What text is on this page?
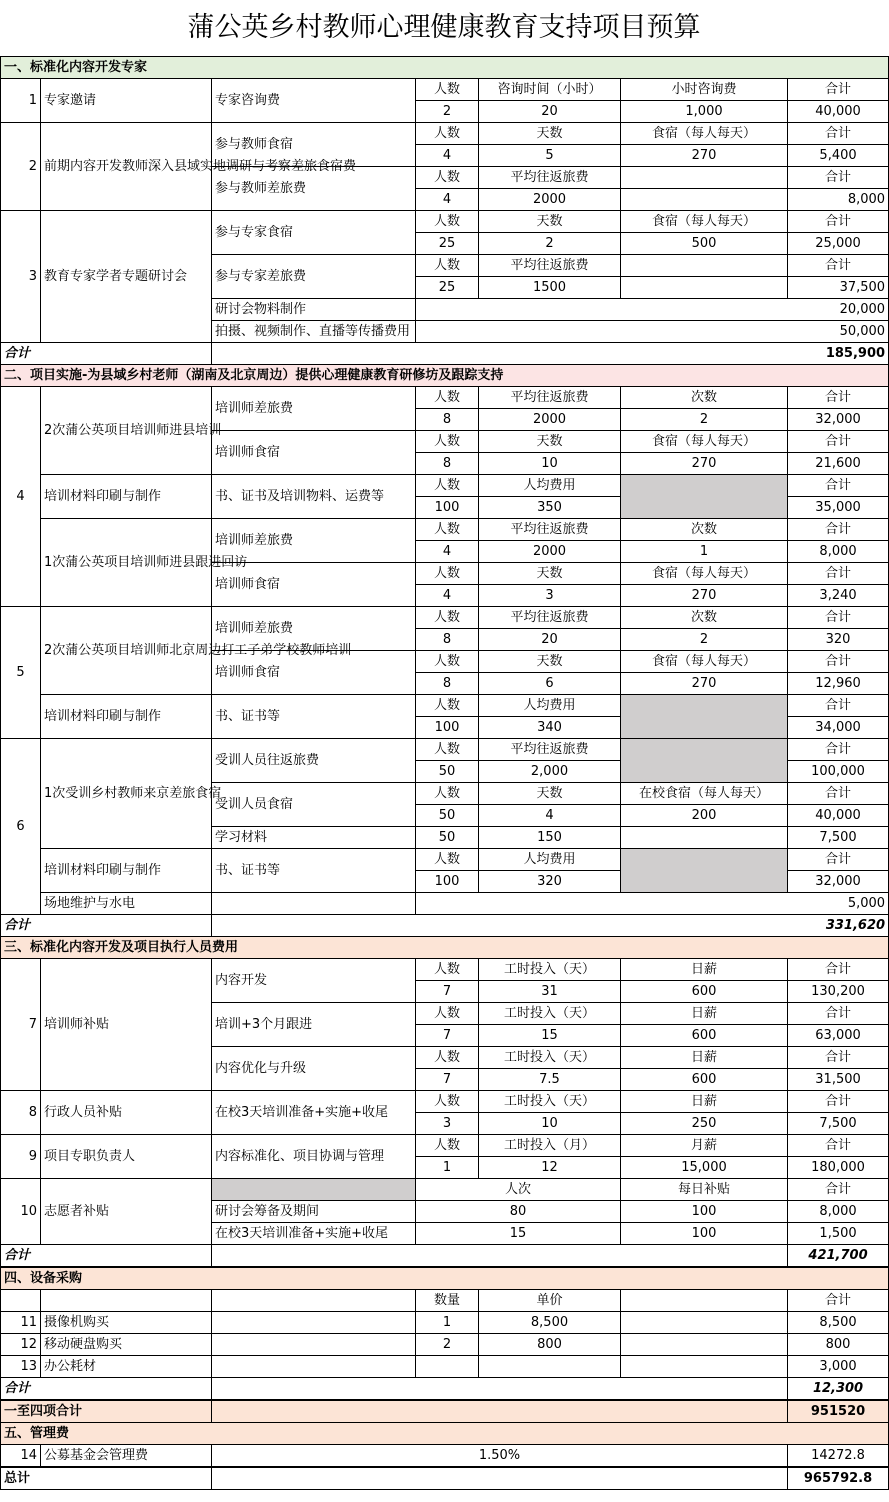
蒲公英乡村教师心理健康教育支持项目预算
一、标准化内容开发专家						
1	专家邀请	专家咨询费	人数	咨询时间（小时）	小时咨询费	合计
			2	20	1,000	40,000
2	前期内容开发教师深入县域实地调研与考察差旅食宿费	参与教师食宿	人数	天数	食宿（每人每天）	合计
			4	5	270	5,400
		参与教师差旅费	人数	平均往返旅费		合计
			4	2000		8,000
3	教育专家学者专题研讨会	参与专家食宿	人数	天数	食宿（每人每天）	合计
			25	2	500	25,000
		参与专家差旅费	人数	平均往返旅费		合计
			25	1500		37,500
		研讨会物料制作	20,000			
		拍摄、视频制作、直播等传播费用	50,000			
合计		185,900				
二、项目实施-为县域乡村老师（湖南及北京周边）提供心理健康教育研修坊及跟踪支持						
4	2次蒲公英项目培训师进县培训	培训师差旅费	人数	平均往返旅费	次数	合计
			8	2000	2	32,000
		培训师食宿	人数	天数	食宿（每人每天）	合计
			8	10	270	21,600
	培训材料印刷与制作	书、证书及培训物料、运费等	人数	人均费用		合计
			100	350		35,000
	1次蒲公英项目培训师进县跟进回访	培训师差旅费	人数	平均往返旅费	次数	合计
			4	2000	1	8,000
		培训师食宿	人数	天数	食宿（每人每天）	合计
			4	3	270	3,240
5	2次蒲公英项目培训师北京周边打工子弟学校教师培训	培训师差旅费	人数	平均往返旅费	次数	合计
			8	20	2	320
		培训师食宿	人数	天数	食宿（每人每天）	合计
			8	6	270	12,960
	培训材料印刷与制作	书、证书等	人数	人均费用		合计
			100	340		34,000
6	1次受训乡村教师来京差旅食宿	受训人员往返旅费	人数	平均往返旅费		合计
			50	2,000		100,000
		受训人员食宿	人数	天数	在校食宿（每人每天）	合计
			50	4	200	40,000
		学习材料	50	150		7,500
	培训材料印刷与制作	书、证书等	人数	人均费用		合计
			100	320		32,000
	场地维护与水电		5,000			
合计		331,620				
三、标准化内容开发及项目执行人员费用						
7	培训师补贴	内容开发	人数	工时投入（天）	日薪	合计
			7	31	600	130,200
		培训+3个月跟进	人数	工时投入（天）	日薪	合计
			7	15	600	63,000
		内容优化与升级	人数	工时投入（天）	日薪	合计
			7	7.5	600	31,500
8	行政人员补贴	在校3天培训准备+实施+收尾	人数	工时投入（天）	日薪	合计
			3	10	250	7,500
9	项目专职负责人	内容标准化、项目协调与管理	人数	工时投入（月）	月薪	合计
			1	12	15,000	180,000
10	志愿者补贴		人次		每日补贴	合计
		研讨会筹备及期间	80		100	8,000
		在校3天培训准备+实施+收尾	15		100	1,500
合计						421,700
四、设备采购						
			数量	单价		合计
11	摄像机购买		1	8,500		8,500
12	移动硬盘购买		2	800		800
13	办公耗材					3,000
合计						12,300
一至四项合计						951520
五、管理费						
14	公募基金会管理费	1.50%				14272.8
总计						965792.8
